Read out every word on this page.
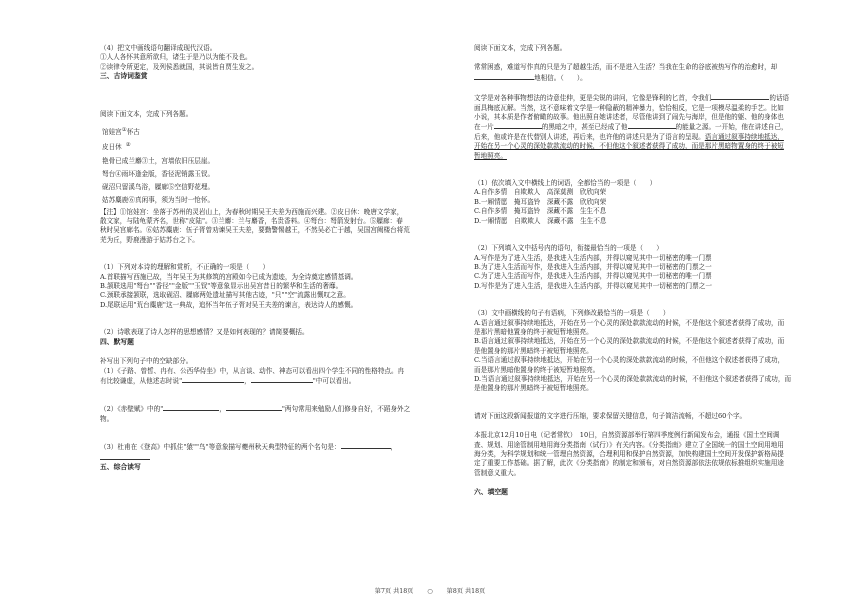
（4）把文中画线语句翻译成现代汉语。
①人人各怀其意所欲归，诸生于是乃以为能不及也。
②读律令所更定，及列侯悉就国，其说皆自贾生发之。
三、古诗词鉴赏
阅读下面文本，完成下列各题。
馆娃宫①怀古
皮日休 ②
艳骨已成兰麝③土，宫墙依旧压层崖。
弩台④雨坏逢金版，香径泥销露玉钗。
砚沼只留溪鸟浴，屧廊⑤空信野花埋。
姑苏麋鹿⑥真闲事，须为当时一怆怀。
【注】①馆娃宫：坐落于苏州的灵岩山上，为春秋时期吴王夫差为西施而兴建。②皮日休：晚唐文学家，
散文家，与陆龟蒙齐名，世称"皮陆"。③兰麝：兰与麝香，名贵香料。④弩台：弩箭发射台。⑤屧廊：春
秋时吴宫廊名。⑥姑苏麋鹿：伍子胥曾劝谏吴王夫差，要勤警惕越王，不然吴必亡于越，吴国宫阙楼台将荒
芜为丘，野鹿漫游于姑苏台之下。
（1）下列对本诗的理解和赏析，不正确的一项是（　　）
A.首联描写西施已故，当年吴王为其修筑的宫殿如今已成为遗迹，为全诗奠定感情基调。
B.颔联选用"弩台""香径""金版""玉钗"等意象显示出吴宫昔日的繁华和生活的奢靡。
C.颈联承接颔联，选取砚沼、屧廊两处遗址描写其他古迹，"只""空"流露出慨叹之意。
D.尾联运用"荒台麋鹿"这一典故，追怀当年伍子胥对吴王夫差的谏言，表达诗人的感慨。
（2）诗歌表现了诗人怎样的思想感情？又是如何表现的？请简要概括。
四、默写题
补写出下列句子中的空缺部分。
（1）《子路、曾皙、冉有、公西华侍坐》中，从言谈、动作、神态可以看出四个学生不同的性格特点。冉
有比较谦虚，从他述志时说"	，	"中可以看出。
（2）《赤壁赋》中的"	，	"两句常用来勉励人们修身自好，不蹈身外之
物。
（3）杜甫在《登高》中抓住"猿""鸟"等意象描写夔州秋天典型特征的两个名句是：	，
五、综合读写
阅读下面文本，完成下列各题。
常常困惑，难道写作真的只是为了超越生活，而不是进入生活？当我在生命的谷底被热写作的治愈时，却
地相信。（　　）。
文学是对各种事物想法的诗意佳伸，更是尖锐的讲问，它像是锋利的匕首，令我们	的话语
面具梅底瓦解。当然，这不意味着文学是一种隐蔽的精神暴力，恰恰相反，它是一项模尽温柔的手艺。比如
小说，其本质是作者俯瞰的故事。他出照自她讲述者，尽管他讲到了闹先与海岸，但是他的躯、他的身体也
在一片	的黑暗之中，甚至已经成了他	的能量之源。一开始，他在讲述自己，
后来，他或许是在代替别人讲述，再后来，也许他的讲述只是为了语言的呈现。语言通过叙事持续地抵达，
开始在另一个心灵的深处款款流动的时候，不但他这个叙述者获得了成功，而是那片黑暗物置身的终于被短
暂地照亮。
（1）依次填入文中横线上的词语，全都恰当的一项是（　　）
A.自作多情　 自欺欺人　 高深莫测　 欣欣向荣
B.一厢情愿　 掩耳盗铃　 深藏不露　 欣欣向荣
C.自作多情　 掩耳盗铃　 深藏不露　 生生不息
D.一厢情愿　 自欺欺人　 深藏不露　 生生不息
（2）下列填入文中括号内的语句，衔接最恰当的一项是（　　）
A.写作是为了进入生活，是我进入生活内部，并得以窥见其中一切秘密的唯一门票
B.为了进入生活而写作，是我进入生活内部，并得以窥见其中一切秘密的门票之一
C.为了进入生活而写作，是我进入生活内部，并得以窥见其中一切秘密的唯一门票
D.写作是为了进入生活，是我进入生活内部，并得以窥见其中一切秘密的门票之一
（3）文中画横线的句子有语病，下列修改最恰当的一项是（　　）
A.语言通过叙事持续地抵达，开始在另一个心灵的深处款款流动的时候，不是他这个叙述者获得了成功，而
是那片黑暗他置身的终于被短暂地照亮。
B.语言通过叙事持续地抵达，开始在另一个心灵的深处款款流动的时候，不是他这个叙述者获得了成功，而
是他置身的那片黑暗终于被短暂地照亮。
C.当语言通过叙事持续地抵达，开始在另一个心灵的深处款款流动的时候，不但他这个叙述者获得了成功，
而是那片黑暗他置身的终于被短暂地照亮。
D.当语言通过叙事持续地抵达，开始在另一个心灵的深处款款流动的时候，不但他这个叙述者获得了成功，而
是他置身的那片黑暗终于被短暂地照亮。
请对下面这段新闻报道的文字进行压缩，要求保留关键信息，句子简洁流畅，不超过60个字。
本报北京12月10日电（记者常钦）　10日，自然资源部举行第四季度例行新闻发布会，通报《国土空间调
查、规划、用途管制用地用海分类指南（试行）》有关内容。《分类指南》建立了全国统一的国土空间用地用
海分类，为科学规划和统一管理自然资源，合理利用和保护自然资源，加快构建国土空间开发保护新格局提
定了重要工作基础。据了解，此次《分类指南》的制定和颁布，对自然资源部依法依规依标推组织实施用途
管制意义重大。
六、填空题
第7页 共18页 ○ 第8页 共18页
